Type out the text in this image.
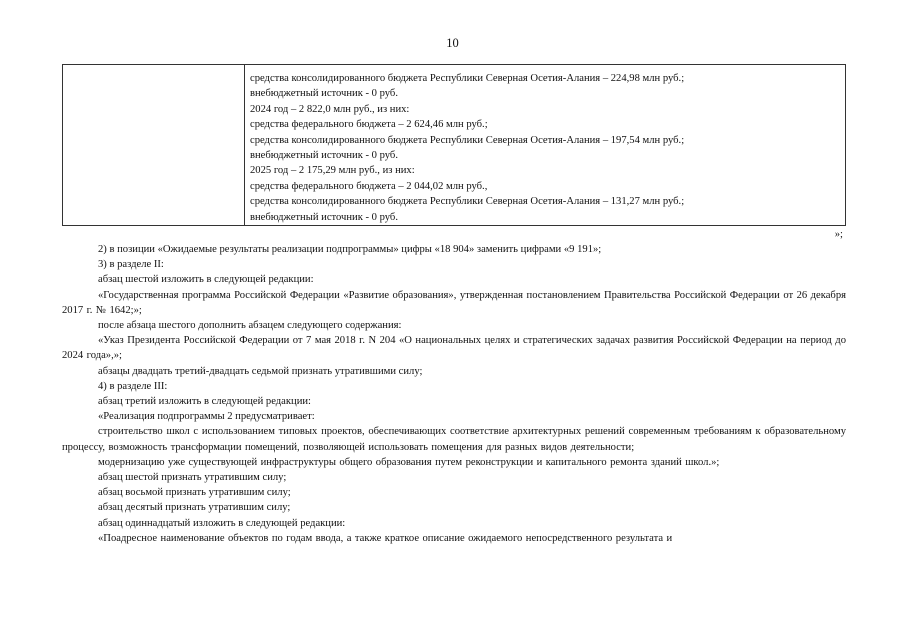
10
средства консолидированного бюджета Республики Северная Осетия-Алания – 224,98 млн руб.;
внебюджетный источник - 0 руб.
2024 год – 2 822,0 млн руб., из них:
средства федерального бюджета – 2 624,46 млн руб.;
средства консолидированного бюджета Республики Северная Осетия-Алания – 197,54 млн руб.;
внебюджетный источник - 0 руб.
2025 год – 2 175,29 млн руб., из них:
средства федерального бюджета – 2 044,02 млн руб.,
средства консолидированного бюджета Республики Северная Осетия-Алания – 131,27 млн руб.;
внебюджетный источник - 0 руб.
»;

2) в позиции «Ожидаемые результаты реализации подпрограммы» цифры «18 904» заменить цифрами «9 191»;

3) в разделе II:

абзац шестой изложить в следующей редакции:

«Государственная программа Российской Федерации «Развитие образования», утвержденная постановлением Правительства Российской Федерации от 26 декабря 2017 г. № 1642;»;

после абзаца шестого дополнить абзацем следующего содержания:

«Указ Президента Российской Федерации от 7 мая 2018 г. N 204 «О национальных целях и стратегических задачах развития Российской Федерации на период до 2024 года»,»;

абзацы двадцать третий-двадцать седьмой признать утратившими силу;

4) в разделе III:

абзац третий изложить в следующей редакции:

«Реализация подпрограммы 2 предусматривает:

строительство школ с использованием типовых проектов, обеспечивающих соответствие архитектурных решений современным требованиям к образовательному процессу, возможность трансформации помещений, позволяющей использовать помещения для разных видов деятельности;

модернизацию уже существующей инфраструктуры общего образования путем реконструкции и капитального ремонта зданий школ.»;

абзац шестой признать утратившим силу;

абзац восьмой признать утратившим силу;

абзац десятый признать утратившим силу;

абзац одиннадцатый изложить в следующей редакции:

«Поадресное наименование объектов по годам ввода, а также краткое описание ожидаемого непосредственного результата и
